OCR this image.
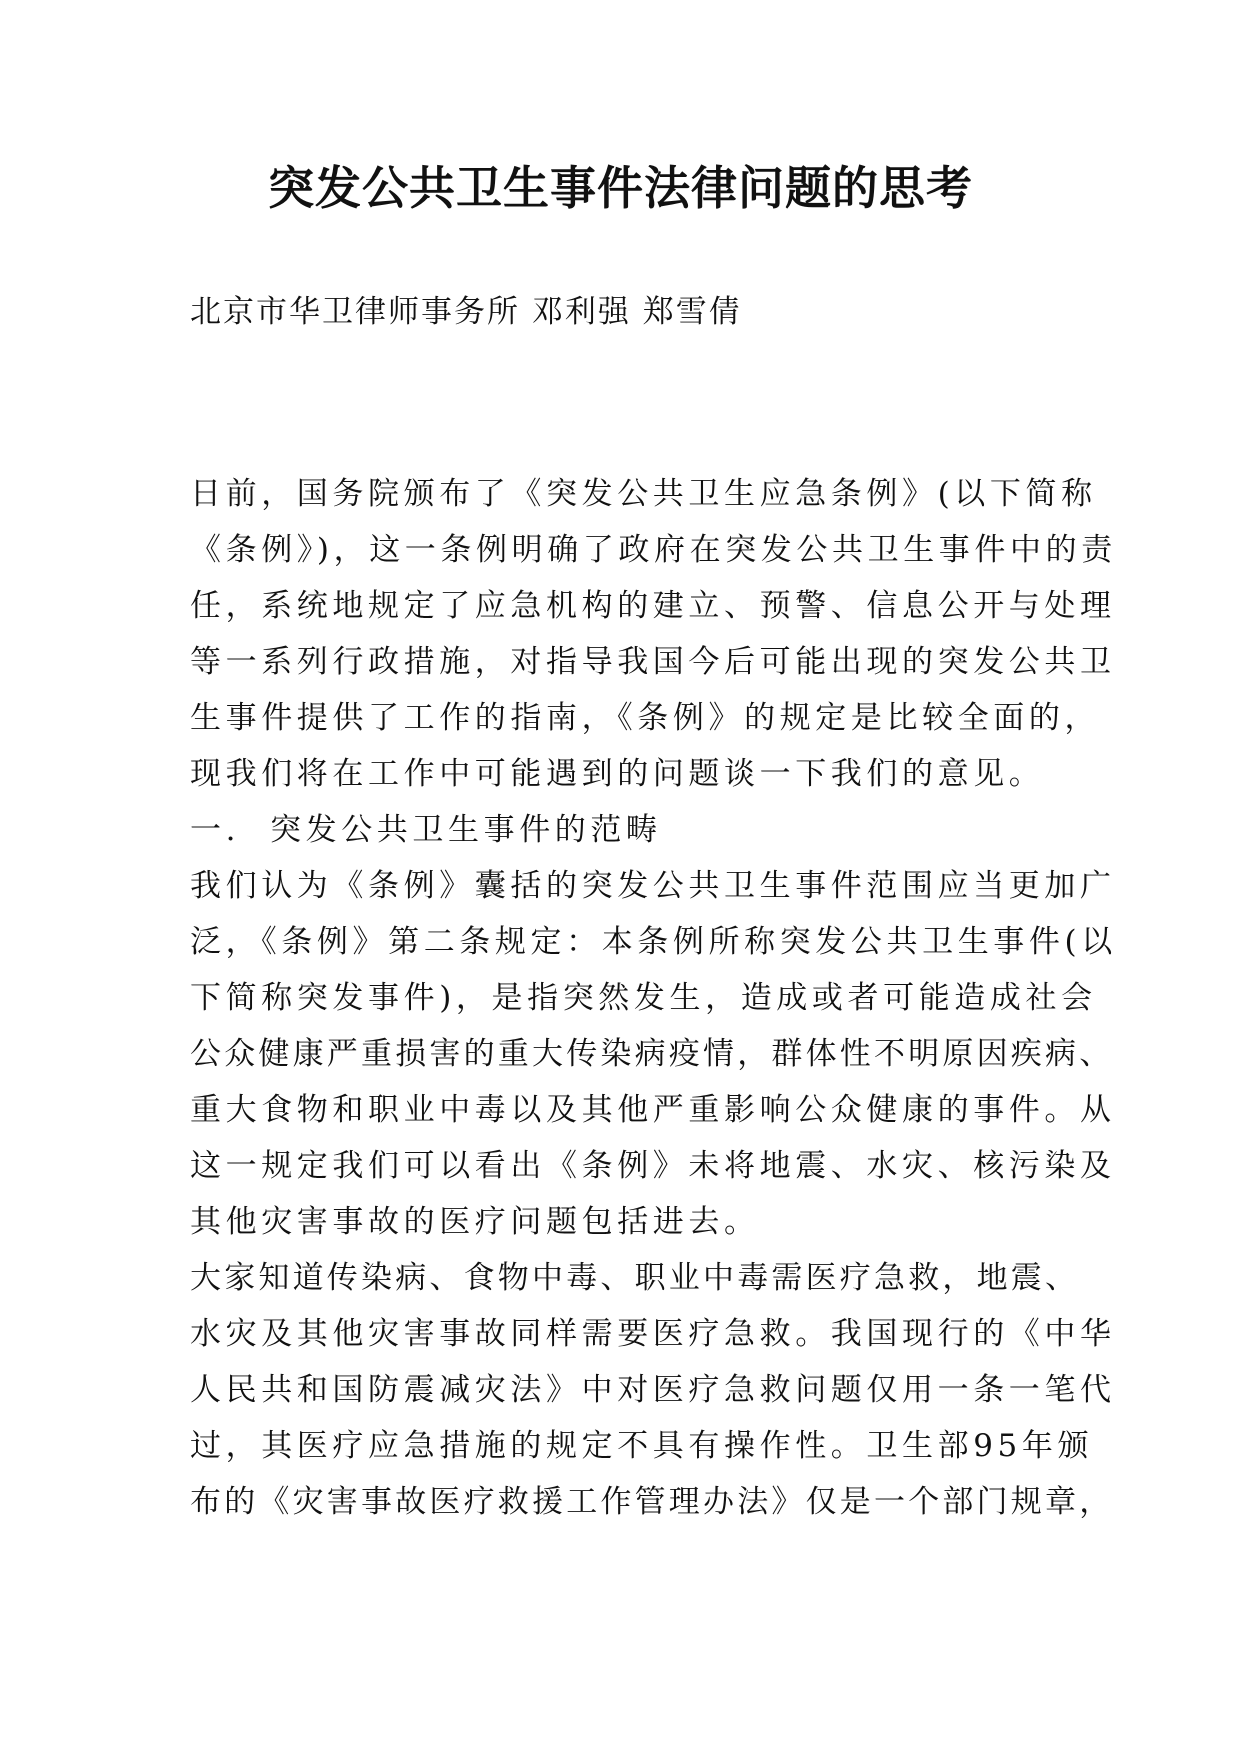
突发公共卫生事件法律问题的思考

北京市华卫律师事务所 邓利强 郑雪倩

日前，国务院颁布了《突发公共卫生应急条例》(以下简称
《条例》)，这一条例明确了政府在突发公共卫生事件中的责
任，系统地规定了应急机构的建立、预警、信息公开与处理
等一系列行政措施，对指导我国今后可能出现的突发公共卫
生事件提供了工作的指南，《条例》的规定是比较全面的，
现我们将在工作中可能遇到的问题谈一下我们的意见。
一. 突发公共卫生事件的范畴
我们认为《条例》囊括的突发公共卫生事件范围应当更加广
泛，《条例》第二条规定：本条例所称突发公共卫生事件(以
下简称突发事件)，是指突然发生，造成或者可能造成社会
公众健康严重损害的重大传染病疫情，群体性不明原因疾病、
重大食物和职业中毒以及其他严重影响公众健康的事件。从
这一规定我们可以看出《条例》未将地震、水灾、核污染及
其他灾害事故的医疗问题包括进去。
大家知道传染病、食物中毒、职业中毒需医疗急救，地震、
水灾及其他灾害事故同样需要医疗急救。我国现行的《中华
人民共和国防震减灾法》中对医疗急救问题仅用一条一笔代
过，其医疗应急措施的规定不具有操作性。卫生部95年颁
布的《灾害事故医疗救援工作管理办法》仅是一个部门规章，
